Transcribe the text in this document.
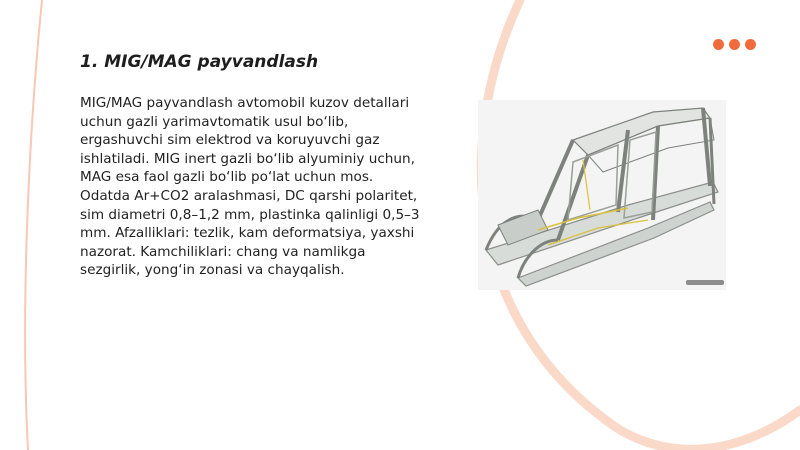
1. MIG/MAG payvandlash

MIG/MAG payvandlash avtomobil kuzov detallari uchun gazli yarimavtomatik usul bo‘lib, ergashuvchi sim elektrod va koruyuvchi gaz ishlatiladi. MIG inert gazli bo‘lib alyuminiy uchun, MAG esa faol gazli bo‘lib po‘lat uchun mos. Odatda Ar+CO2 aralashmasi, DC qarshi polaritet, sim diametri 0,8–1,2 mm, plastinka qalinligi 0,5–3 mm. Afzalliklari: tezlik, kam deformatsiya, yaxshi nazorat. Kamchiliklari: chang va namlikga sezgirlik, yong‘in zonasi va chayqalish.
